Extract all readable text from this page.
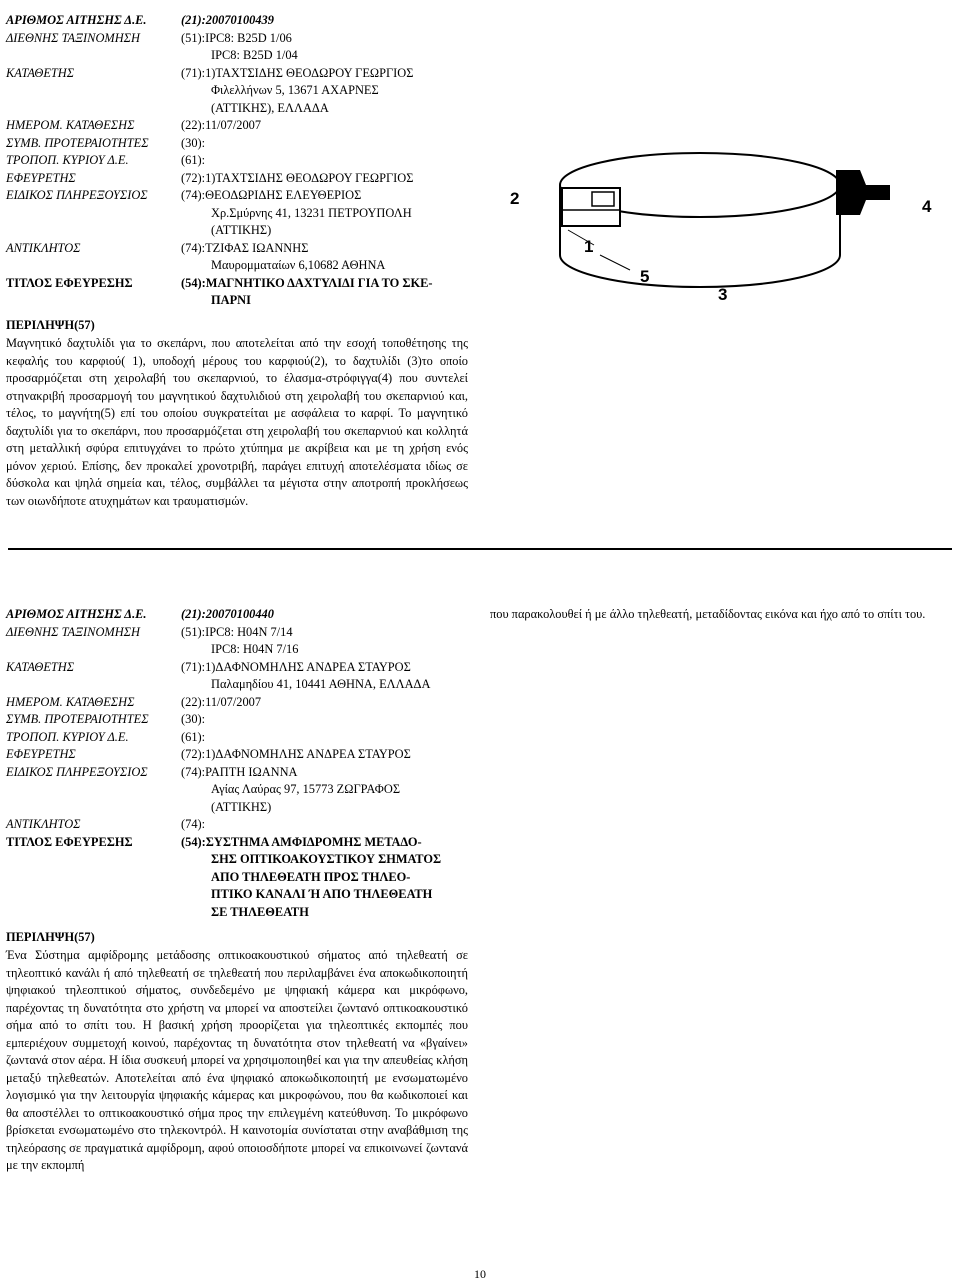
ΑΡΙΘΜΟΣ ΑΙΤΗΣΗΣ Δ.Ε.	(21):20070100439
ΔΙΕΘΝΗΣ ΤΑΞΙΝΟΜΗΣΗ	(51):IPC8: B25D 1/06
IPC8: B25D 1/04
ΚΑΤΑΘΕΤΗΣ	(71):1)ΤΑΧΤΣΙΔΗΣ ΘΕΟΔΩΡΟΥ ΓΕΩΡΓΙΟΣ
Φιλελλήνων 5, 13671 ΑΧΑΡΝΕΣ
(ΑΤΤΙΚΗΣ), ΕΛΛΑΔΑ
ΗΜΕΡΟΜ. ΚΑΤΑΘΕΣΗΣ	(22):11/07/2007
ΣΥΜΒ. ΠΡΟΤΕΡΑΙΟΤΗΤΕΣ	(30):
ΤΡΟΠΟΠ. ΚΥΡΙΟΥ Δ.Ε.	(61):
ΕΦΕΥΡΕΤΗΣ	(72):1)ΤΑΧΤΣΙΔΗΣ ΘΕΟΔΩΡΟΥ ΓΕΩΡΓΙΟΣ
ΕΙΔΙΚΟΣ ΠΛΗΡΕΞΟΥΣΙΟΣ	(74):ΘΕΟΔΩΡΙΔΗΣ ΕΛΕΥΘΕΡΙΟΣ
Χρ.Σμύρνης 41, 13231 ΠΕΤΡΟΥΠΟΛΗ
(ΑΤΤΙΚΗΣ)
ΑΝΤΙΚΛΗΤΟΣ	(74):ΤΖΙΦΑΣ ΙΩΑΝΝΗΣ
Μαυρομματαίων 6,10682 ΑΘΗΝΑ
ΤΙΤΛΟΣ ΕΦΕΥΡΕΣΗΣ	(54):ΜΑΓΝΗΤΙΚΟ ΔΑΧΤΥΛΙΔΙ ΓΙΑ ΤΟ ΣΚΕ-
ΠΑΡΝΙ
ΠΕΡΙΛΗΨΗ(57)
Μαγνητικό δαχτυλίδι για το σκεπάρνι, που αποτελείται από την εσοχή τοποθέτησης της κεφαλής του καρφιού( 1), υποδοχή μέρους του καρφιού(2), το δαχτυλίδι (3)το οποίο προσαρμόζεται στη χειρολαβή του σκεπαρνιού, το έλασμα-στρόφιγγα(4) που συντελεί στηνακριβή προσαρμογή του μαγνητικού δαχτυλιδιού στη χειρολαβή του σκεπαρνιού και, τέλος, το μαγνήτη(5) επί του οποίου συγκρατείται με ασφάλεια το καρφί. Το μαγνητικό δαχτυλίδι για το σκεπάρνι, που προσαρμόζεται στη χειρολαβή του σκεπαρνιού και κολλητά στη μεταλλική σφύρα επιτυγχάνει το πρώτο χτύπημα με ακρίβεια και με τη χρήση ενός μόνον χεριού. Επίσης, δεν προκαλεί χρονοτριβή, παράγει επιτυχή αποτελέσματα ιδίως σε δύσκολα και ψηλά σημεία και, τέλος, συμβάλλει τα μέγιστα στην αποτροπή προκλήσεως των οιωνδήποτε ατυχημάτων και τραυματισμών.
2
1
5
3
4
ΑΡΙΘΜΟΣ ΑΙΤΗΣΗΣ Δ.Ε.	(21):20070100440
ΔΙΕΘΝΗΣ ΤΑΞΙΝΟΜΗΣΗ	(51):IPC8: H04N 7/14
IPC8: H04N 7/16
ΚΑΤΑΘΕΤΗΣ	(71):1)ΔΑΦΝΟΜΗΛΗΣ ΑΝΔΡΕΑ ΣΤΑΥΡΟΣ
Παλαμηδίου 41, 10441 ΑΘΗΝΑ, ΕΛΛΑΔΑ
ΗΜΕΡΟΜ. ΚΑΤΑΘΕΣΗΣ	(22):11/07/2007
ΣΥΜΒ. ΠΡΟΤΕΡΑΙΟΤΗΤΕΣ	(30):
ΤΡΟΠΟΠ. ΚΥΡΙΟΥ Δ.Ε.	(61):
ΕΦΕΥΡΕΤΗΣ	(72):1)ΔΑΦΝΟΜΗΛΗΣ ΑΝΔΡΕΑ ΣΤΑΥΡΟΣ
ΕΙΔΙΚΟΣ ΠΛΗΡΕΞΟΥΣΙΟΣ	(74):ΡΑΠΤΗ ΙΩΑΝΝΑ
Αγίας Λαύρας 97, 15773 ΖΩΓΡΑΦΟΣ
(ΑΤΤΙΚΗΣ)
ΑΝΤΙΚΛΗΤΟΣ	(74):
ΤΙΤΛΟΣ ΕΦΕΥΡΕΣΗΣ	(54):ΣΥΣΤΗΜΑ ΑΜΦΙΔΡΟΜΗΣ ΜΕΤΑΔΟ-
ΣΗΣ ΟΠΤΙΚΟΑΚΟΥΣΤΙΚΟΥ ΣΗΜΑΤΟΣ
ΑΠΟ ΤΗΛΕΘΕΑΤΗ ΠΡΟΣ ΤΗΛΕΟ-
ΠΤΙΚΟ ΚΑΝΑΛΙ Ή ΑΠΟ ΤΗΛΕΘΕΑΤΗ
ΣΕ ΤΗΛΕΘΕΑΤΗ
ΠΕΡΙΛΗΨΗ(57)
Ένα Σύστημα αμφίδρομης μετάδοσης οπτικοακουστικού σήματος από τηλεθεατή σε τηλεοπτικό κανάλι ή από τηλεθεατή σε τηλεθεατή που περιλαμβάνει ένα αποκωδικοποιητή ψηφιακού τηλεοπτικού σήματος, συνδεδεμένο με ψηφιακή κάμερα και μικρόφωνο, παρέχοντας τη δυνατότητα στο χρήστη να μπορεί να αποστείλει ζωντανό οπτικοακουστικό σήμα από το σπίτι του. Η βασική χρήση προορίζεται για τηλεοπτικές εκπομπές που εμπεριέχουν συμμετοχή κοινού, παρέχοντας τη δυνατότητα στον τηλεθεατή να «βγαίνει» ζωντανά στον αέρα. Η ίδια συσκευή μπορεί να χρησιμοποιηθεί και για την απευθείας κλήση μεταξύ τηλεθεατών. Αποτελείται από ένα ψηφιακό αποκωδικοποιητή με ενσωματωμένο λογισμικό για την λειτουργία ψηφιακής κάμερας και μικροφώνου, που θα κωδικοποιεί και θα αποστέλλει το οπτικοακουστικό σήμα προς την επιλεγμένη κατεύθυνση. Το μικρόφωνο βρίσκεται ενσωματωμένο στο τηλεκοντρόλ. Η καινοτομία συνίσταται στην αναβάθμιση της τηλεόρασης σε πραγματικά αμφίδρομη, αφού οποιοσδήποτε μπορεί να επικοινωνεί ζωντανά με την εκπομπή
που παρακολουθεί ή με άλλο τηλεθεατή, μεταδίδοντας εικόνα και ήχο από το σπίτι του.
10
